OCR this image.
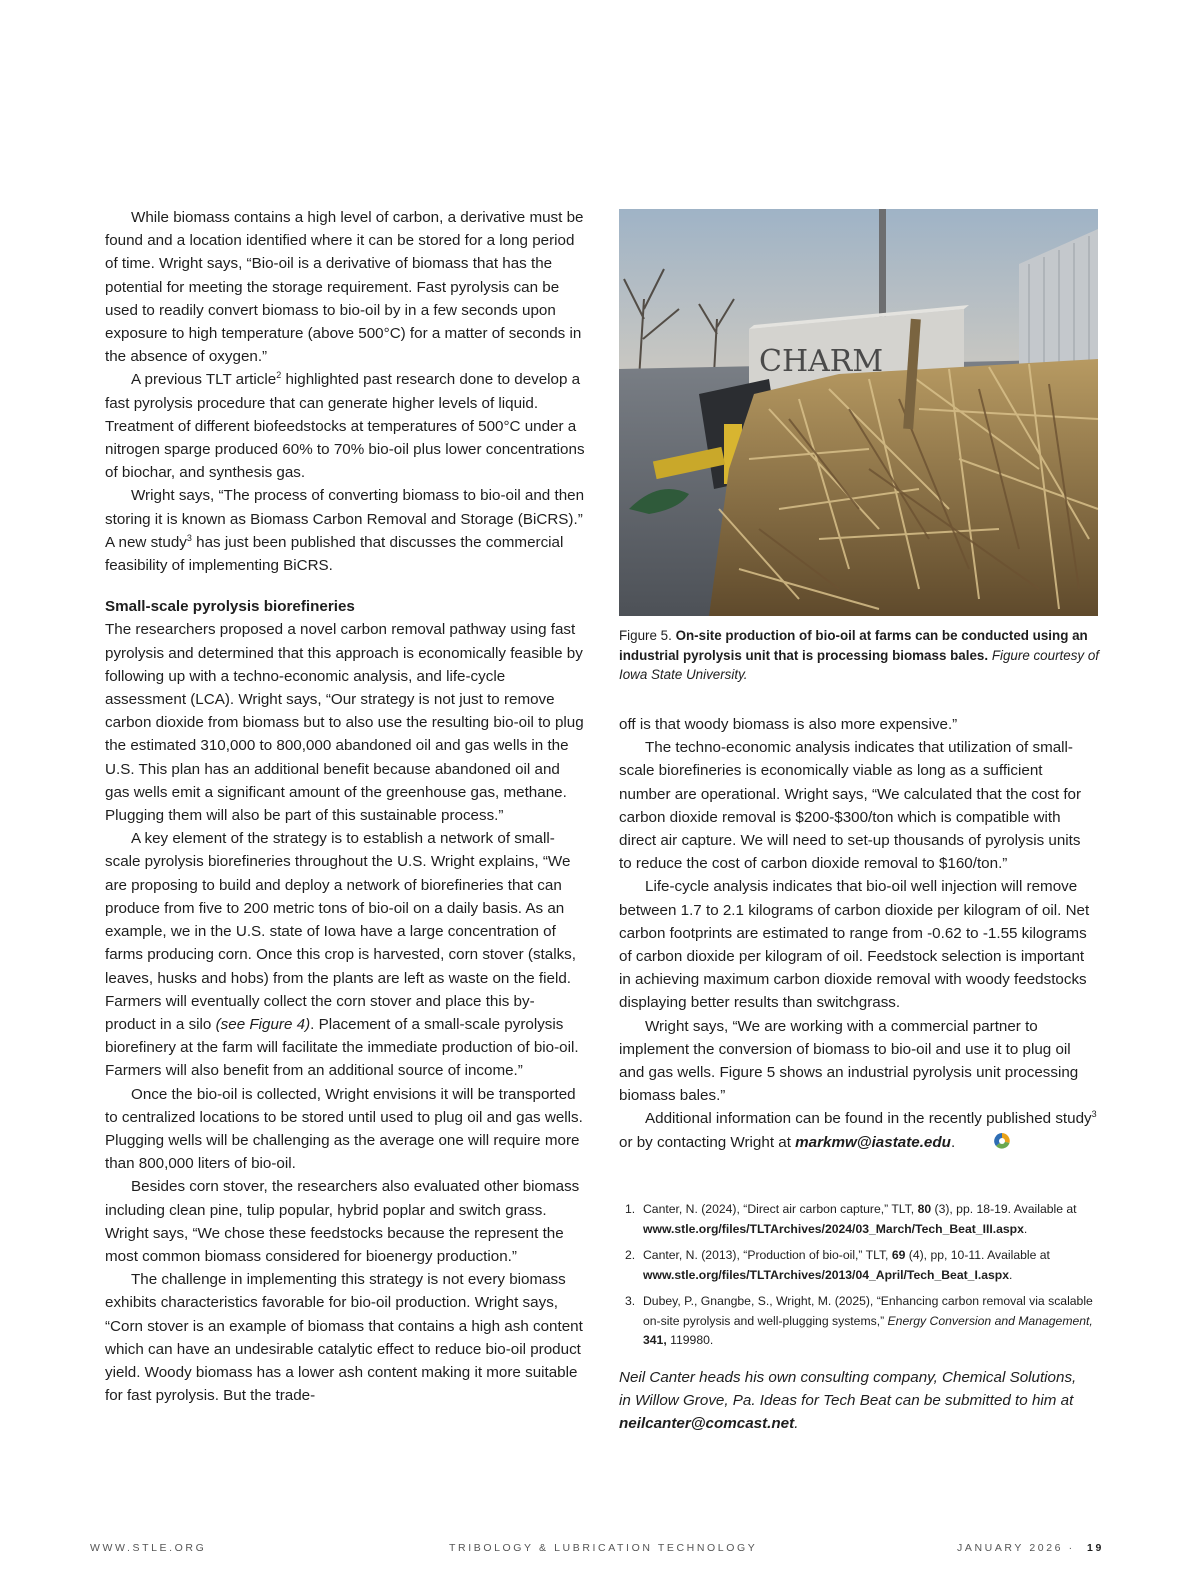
While biomass contains a high level of carbon, a derivative must be found and a location identified where it can be stored for a long period of time. Wright says, “Bio-oil is a derivative of biomass that has the potential for meeting the storage requirement. Fast pyrolysis can be used to readily convert biomass to bio-oil by in a few seconds upon exposure to high temperature (above 500°C) for a matter of seconds in the absence of oxygen.”

A previous TLT article$^2$ highlighted past research done to develop a fast pyrolysis procedure that can generate higher levels of liquid. Treatment of different biofeedstocks at temperatures of 500°C under a nitrogen sparge produced 60% to 70% bio-oil plus lower concentrations of biochar, and synthesis gas.

Wright says, “The process of converting biomass to bio-oil and then storing it is known as Biomass Carbon Removal and Storage (BiCRS).” A new study$^3$ has just been published that discusses the commercial feasibility of implementing BiCRS.

Small-scale pyrolysis biorefineries

The researchers proposed a novel carbon removal pathway using fast pyrolysis and determined that this approach is economically feasible by following up with a techno-economic analysis, and life-cycle assessment (LCA). Wright says, “Our strategy is not just to remove carbon dioxide from biomass but to also use the resulting bio-oil to plug the estimated 310,000 to 800,000 abandoned oil and gas wells in the U.S. This plan has an additional benefit because abandoned oil and gas wells emit a significant amount of the greenhouse gas, methane. Plugging them will also be part of this sustainable process.”

A key element of the strategy is to establish a network of small-scale pyrolysis biorefineries throughout the U.S. Wright explains, “We are proposing to build and deploy a network of biorefineries that can produce from five to 200 metric tons of bio-oil on a daily basis. As an example, we in the U.S. state of Iowa have a large concentration of farms producing corn. Once this crop is harvested, corn stover (stalks, leaves, husks and hobs) from the plants are left as waste on the field. Farmers will eventually collect the corn stover and place this by-product in a silo (see Figure 4). Placement of a small-scale pyrolysis biorefinery at the farm will facilitate the immediate production of bio-oil. Farmers will also benefit from an additional source of income.”

Once the bio-oil is collected, Wright envisions it will be transported to centralized locations to be stored until used to plug oil and gas wells. Plugging wells will be challenging as the average one will require more than 800,000 liters of bio-oil.

Besides corn stover, the researchers also evaluated other biomass including clean pine, tulip popular, hybrid poplar and switch grass. Wright says, “We chose these feedstocks because the represent the most common biomass considered for bioenergy production.”

The challenge in implementing this strategy is not every biomass exhibits characteristics favorable for bio-oil production. Wright says, “Corn stover is an example of biomass that contains a high ash content which can have an undesirable catalytic effect to reduce bio-oil product yield. Woody biomass has a lower ash content making it more suitable for fast pyrolysis. But the trade-

CHARM
Figure 5. On-site production of bio-oil at farms can be conducted using an industrial pyrolysis unit that is processing biomass bales. Figure courtesy of Iowa State University.

off is that woody biomass is also more expensive.”

The techno-economic analysis indicates that utilization of small-scale biorefineries is economically viable as long as a sufficient number are operational. Wright says, “We calculated that the cost for carbon dioxide removal is $200-$300/ton which is compatible with direct air capture. We will need to set-up thousands of pyrolysis units to reduce the cost of carbon dioxide removal to $160/ton.”

Life-cycle analysis indicates that bio-oil well injection will remove between 1.7 to 2.1 kilograms of carbon dioxide per kilogram of oil. Net carbon footprints are estimated to range from -0.62 to -1.55 kilograms of carbon dioxide per kilogram of oil. Feedstock selection is important in achieving maximum carbon dioxide removal with woody feedstocks displaying better results than switchgrass.

Wright says, “We are working with a commercial partner to implement the conversion of biomass to bio-oil and use it to plug oil and gas wells. Figure 5 shows an industrial pyrolysis unit processing biomass bales.”

Additional information can be found in the recently published study$^3$ or by contacting Wright at markmw@iastate.edu.

1. Canter, N. (2024), “Direct air carbon capture,” TLT, 80 (3), pp. 18-19. Available at www.stle.org/files/TLTArchives/2024/03_March/Tech_Beat_III.aspx.
2. Canter, N. (2013), “Production of bio-oil,” TLT, 69 (4), pp, 10-11. Available at www.stle.org/files/TLTArchives/2013/04_April/Tech_Beat_I.aspx.
3. Dubey, P., Gnangbe, S., Wright, M. (2025), “Enhancing carbon removal via scalable on-site pyrolysis and well-plugging systems,” Energy Conversion and Management, 341, 119980.
Neil Canter heads his own consulting company, Chemical Solutions, in Willow Grove, Pa. Ideas for Tech Beat can be submitted to him at neilcanter@comcast.net.
WWW.STLE.ORG	TRIBOLOGY & LUBRICATION TECHNOLOGY	JANUARY 2026 · 19
